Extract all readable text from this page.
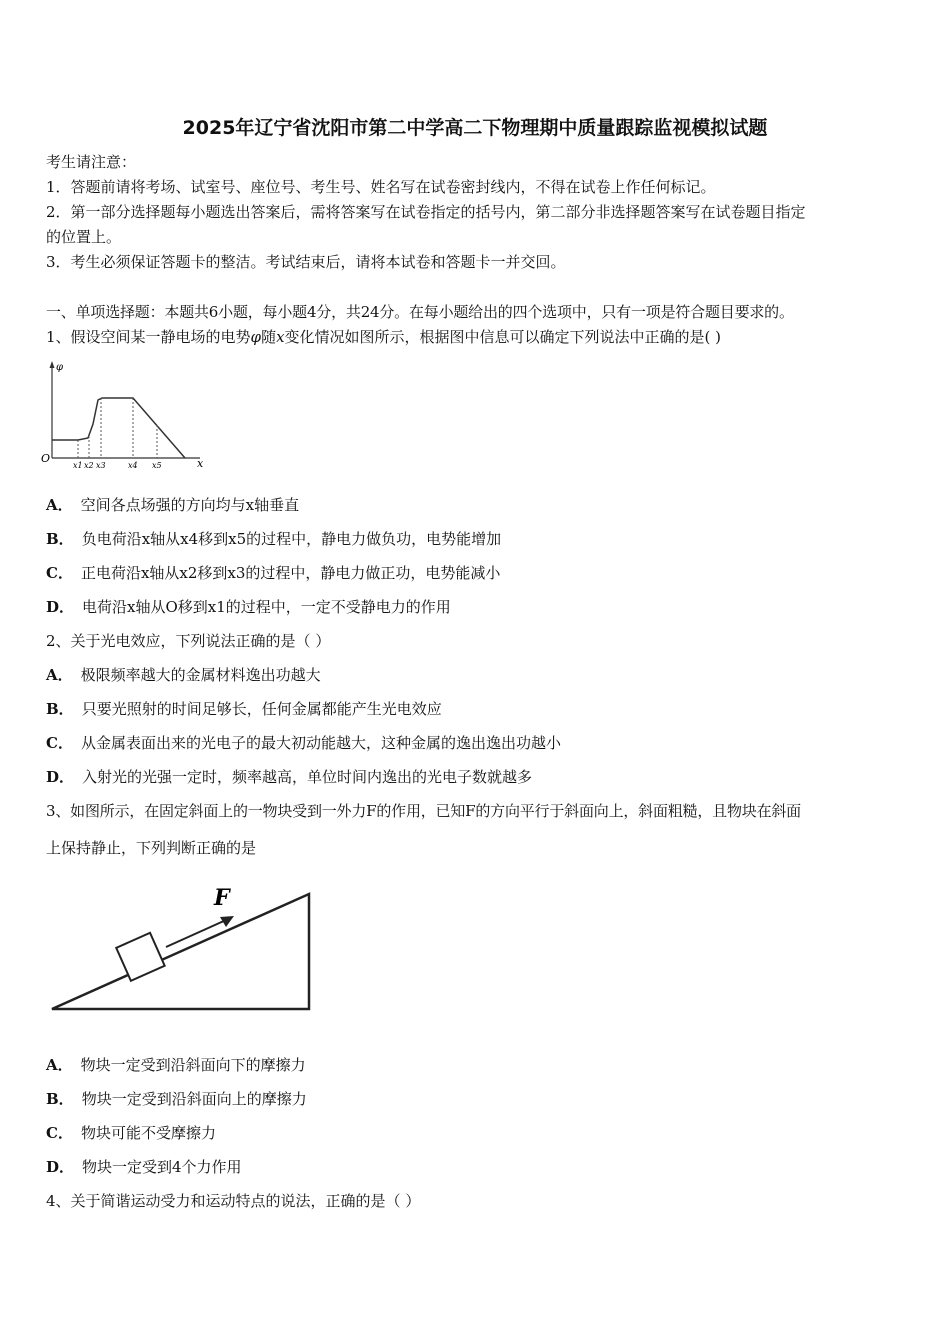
2025年辽宁省沈阳市第二中学高二下物理期中质量跟踪监视模拟试题
考生请注意：
1．答题前请将考场、试室号、座位号、考生号、姓名写在试卷密封线内，不得在试卷上作任何标记。
2．第一部分选择题每小题选出答案后，需将答案写在试卷指定的括号内，第二部分非选择题答案写在试卷题目指定
的位置上。
3．考生必须保证答题卡的整洁。考试结束后，请将本试卷和答题卡一并交回。
一、单项选择题：本题共6小题，每小题4分，共24分。在每小题给出的四个选项中，只有一项是符合题目要求的。
1、假设空间某一静电场的电势φ随x变化情况如图所示，根据图中信息可以确定下列说法中正确的是( )
φ
O	x
x1 x2 x3	x4 x5
A． 空间各点场强的方向均与x轴垂直
B． 负电荷沿x轴从x4移到x5的过程中，静电力做负功，电势能增加
C． 正电荷沿x轴从x2移到x3的过程中，静电力做正功，电势能减小
D． 电荷沿x轴从O移到x1的过程中，一定不受静电力的作用
2、关于光电效应，下列说法正确的是（ ）
A． 极限频率越大的金属材料逸出功越大
B． 只要光照射的时间足够长，任何金属都能产生光电效应
C． 从金属表面出来的光电子的最大初动能越大，这种金属的逸出逸出功越小
D． 入射光的光强一定时，频率越高，单位时间内逸出的光电子数就越多
3、如图所示，在固定斜面上的一物块受到一外力F的作用，已知F的方向平行于斜面向上，斜面粗糙，且物块在斜面
上保持静止，下列判断正确的是
F
A． 物块一定受到沿斜面向下的摩擦力
B． 物块一定受到沿斜面向上的摩擦力
C． 物块可能不受摩擦力
D． 物块一定受到4个力作用
4、关于简谐运动受力和运动特点的说法，正确的是（ ）
